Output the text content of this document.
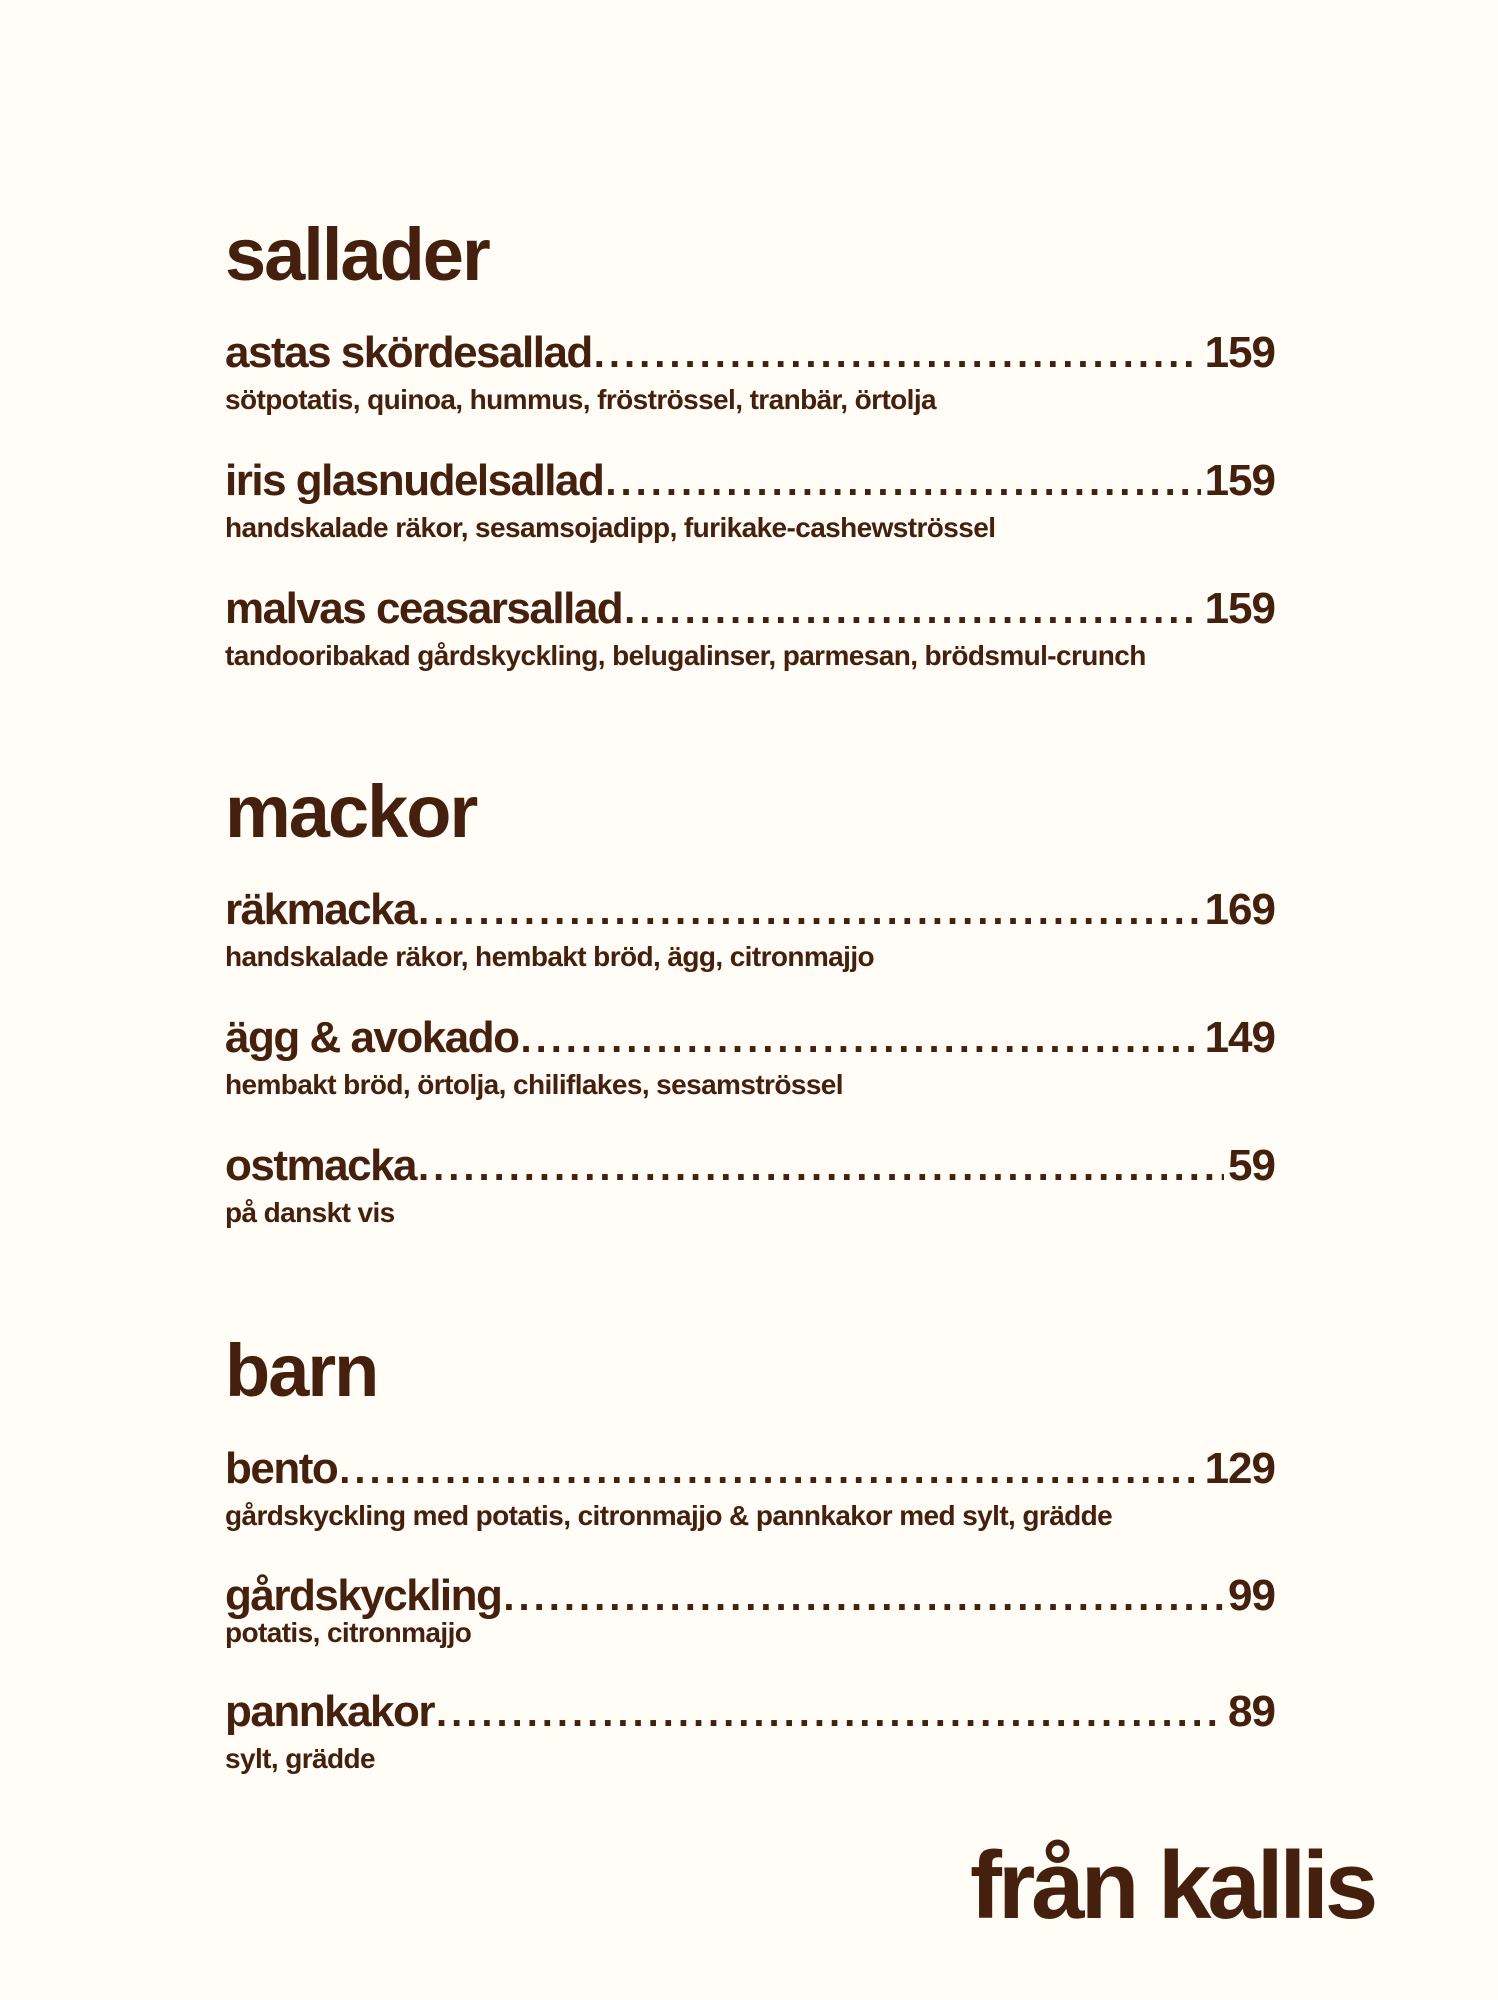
sallader
astas skördesallad .....	159
sötpotatis, quinoa, hummus, fröströssel, tranbär, örtolja
iris glasnudelsallad .....	159
handskalade räkor, sesamsojadipp, furikake-cashewströssel
malvas ceasarsallad .....	159
tandooribakad gårdskyckling, belugalinser, parmesan, brödsmul-crunch
mackor
räkmacka .....	169
handskalade räkor, hembakt bröd, ägg, citronmajjo
ägg & avokado .....	149
hembakt bröd, örtolja, chiliflakes, sesamströssel
ostmacka .....	59
på danskt vis
barn
bento .....	129
gårdskyckling med potatis, citronmajjo & pannkakor med sylt, grädde
gårdskyckling .....	99
potatis, citronmajjo
pannkakor .....	89
sylt, grädde
från kallis
